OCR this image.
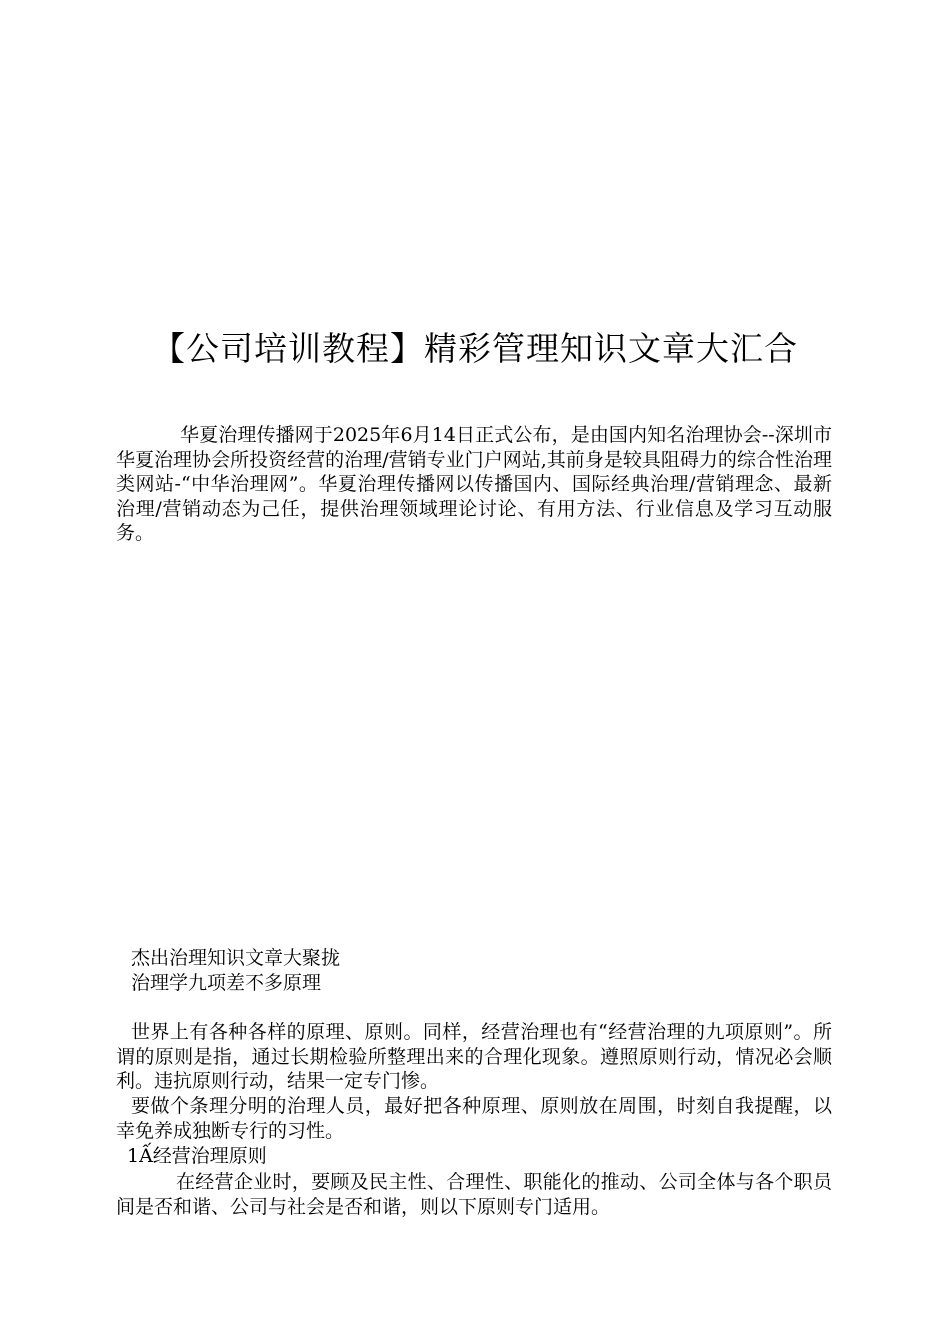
【公司培训教程】精彩管理知识文章大汇合

华夏治理传播网于2025年6月14日正式公布，是由国内知名治理协会--深圳市华夏治理协会所投资经营的治理/营销专业门户网站,其前身是较具阻碍力的综合性治理类网站-“中华治理网”。华夏治理传播网以传播国内、国际经典治理/营销理念、最新治理/营销动态为己任，提供治理领域理论讨论、有用方法、行业信息及学习互动服务。

杰出治理知识文章大聚拢
治理学九项差不多原理

世界上有各种各样的原理、原则。同样，经营治理也有“经营治理的九项原则”。所谓的原则是指，通过长期检验所整理出来的合理化现象。遵照原则行动，情况必会顺利。违抗原则行动，结果一定专门惨。

要做个条理分明的治理人员，最好把各种原理、原则放在周围，时刻自我提醒，以幸免养成独断专行的习性。

1Ấ经营治理原则

在经营企业时，要顾及民主性、合理性、职能化的推动、公司全体与各个职员间是否和谐、公司与社会是否和谐，则以下原则专门适用。
